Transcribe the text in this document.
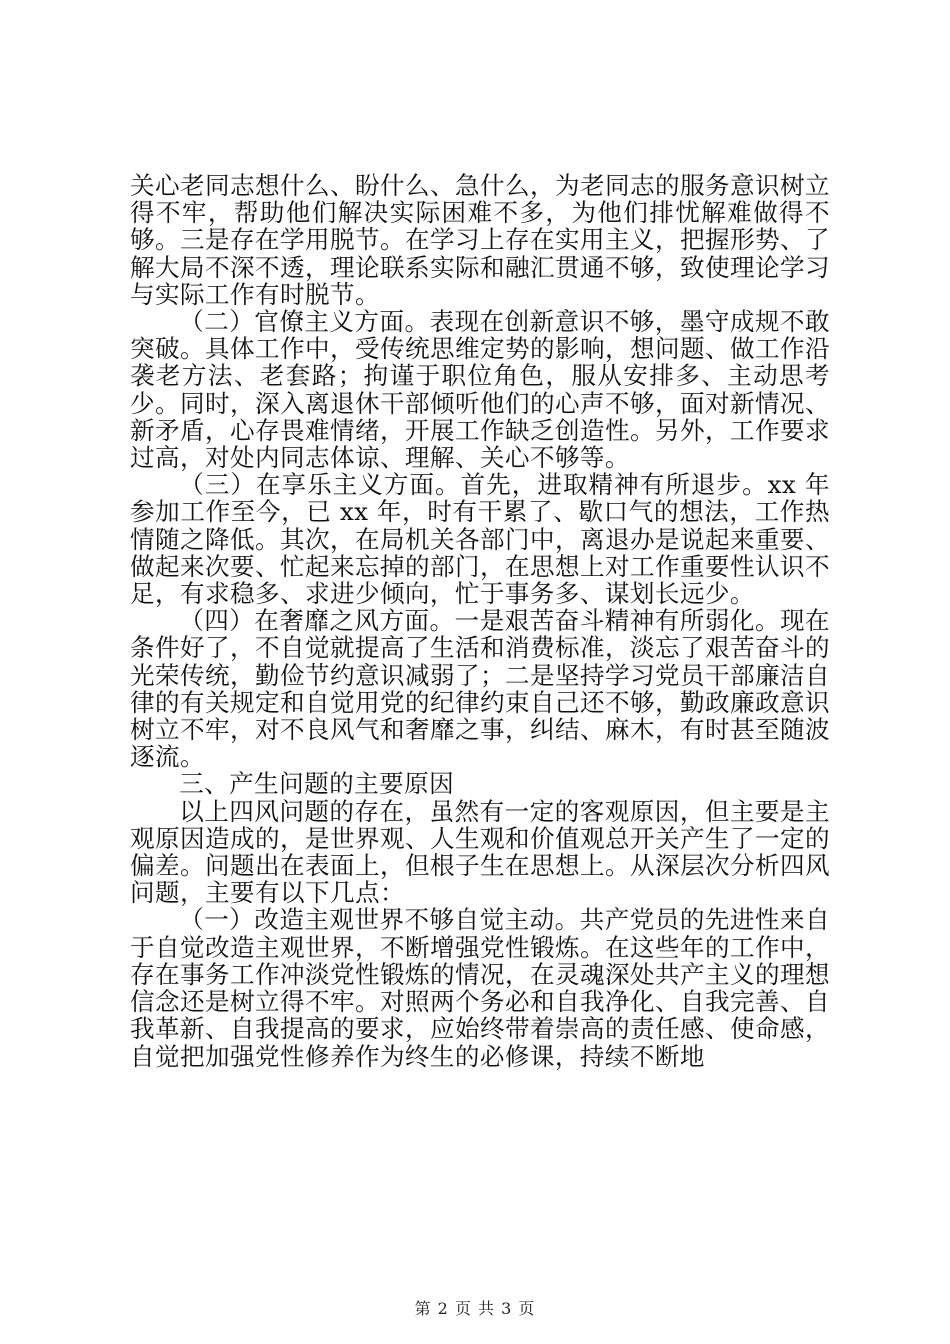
关心老同志想什么、盼什么、急什么，为老同志的服务意识树立得不牢，帮助他们解决实际困难不多，为他们排忧解难做得不够。三是存在学用脱节。在学习上存在实用主义，把握形势、了解大局不深不透，理论联系实际和融汇贯通不够，致使理论学习与实际工作有时脱节。

（二）官僚主义方面。表现在创新意识不够，墨守成规不敢突破。具体工作中，受传统思维定势的影响，想问题、做工作沿袭老方法、老套路；拘谨于职位角色，服从安排多、主动思考少。同时，深入离退休干部倾听他们的心声不够，面对新情况、新矛盾，心存畏难情绪，开展工作缺乏创造性。另外，工作要求过高，对处内同志体谅、理解、关心不够等。

（三）在享乐主义方面。首先，进取精神有所退步。xx 年参加工作至今，已 xx 年，时有干累了、歇口气的想法，工作热情随之降低。其次，在局机关各部门中，离退办是说起来重要、做起来次要、忙起来忘掉的部门，在思想上对工作重要性认识不足，有求稳多、求进少倾向，忙于事务多、谋划长远少。

（四）在奢靡之风方面。一是艰苦奋斗精神有所弱化。现在条件好了，不自觉就提高了生活和消费标准，淡忘了艰苦奋斗的光荣传统，勤俭节约意识减弱了；二是坚持学习党员干部廉洁自律的有关规定和自觉用党的纪律约束自己还不够，勤政廉政意识树立不牢，对不良风气和奢靡之事，纠结、麻木，有时甚至随波逐流。

三、产生问题的主要原因

以上四风问题的存在，虽然有一定的客观原因，但主要是主观原因造成的，是世界观、人生观和价值观总开关产生了一定的偏差。问题出在表面上，但根子生在思想上。从深层次分析四风问题，主要有以下几点：

（一）改造主观世界不够自觉主动。共产党员的先进性来自于自觉改造主观世界，不断增强党性锻炼。在这些年的工作中，存在事务工作冲淡党性锻炼的情况，在灵魂深处共产主义的理想信念还是树立得不牢。对照两个务必和自我净化、自我完善、自我革新、自我提高的要求，应始终带着崇高的责任感、使命感，自觉把加强党性修养作为终生的必修课，持续不断地

第 2 页 共 3 页
